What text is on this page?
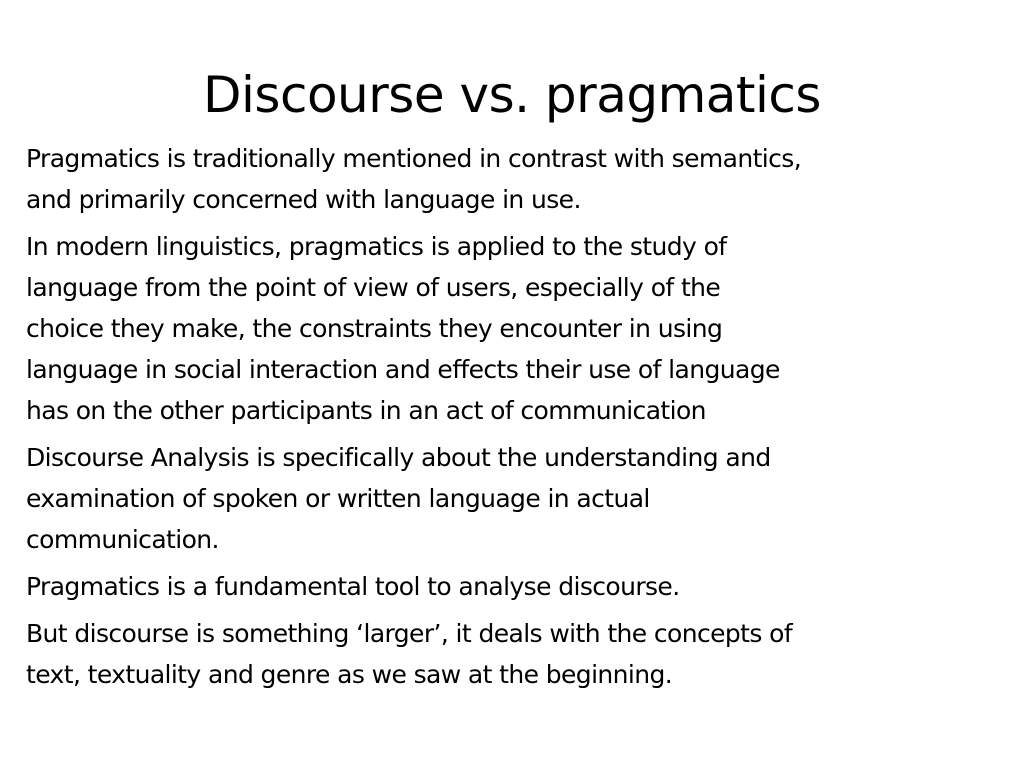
Discourse vs. pragmatics

Pragmatics is traditionally mentioned in contrast with semantics,
and primarily concerned with language in use.

In modern linguistics, pragmatics is applied to the study of
language from the point of view of users, especially of the
choice they make, the constraints they encounter in using
language in social interaction and effects their use of language
has on the other participants in an act of communication

Discourse Analysis is specifically about the understanding and
examination of spoken or written language in actual
communication.

Pragmatics is a fundamental tool to analyse discourse.

But discourse is something ‘larger’, it deals with the concepts of
text, textuality and genre as we saw at the beginning.
